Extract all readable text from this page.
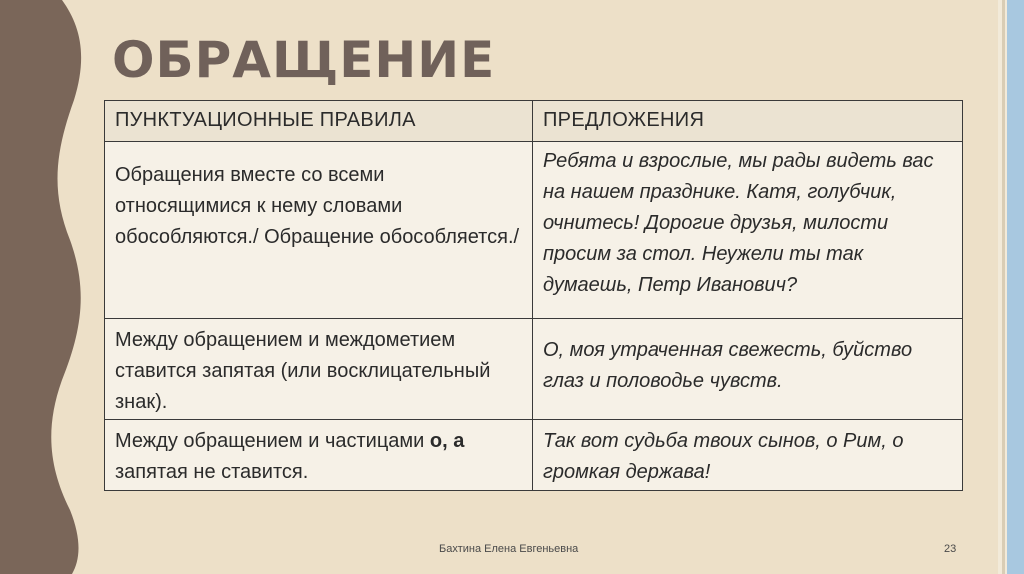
ОБРАЩЕНИЕ
ПУНКТУАЦИОННЫЕ ПРАВИЛА	ПРЕДЛОЖЕНИЯ
Обращения вместе со всеми относящимися к нему словами обособляются./ Обращение обособляется./	Ребята и взрослые, мы рады видеть вас на нашем празднике. Катя, голубчик, очнитесь! Дорогие друзья, милости просим за стол. Неужели ты так думаешь, Петр Иванович?
Между обращением и междометием ставится запятая (или восклицательный знак).	О, моя утраченная свежесть, буйство глаз и половодье чувств.
Между обращением и частицами о, а запятая не ставится.	Так вот судьба твоих сынов, о Рим, о громкая держава!
Бахтина Елена Евгеньевна	23
